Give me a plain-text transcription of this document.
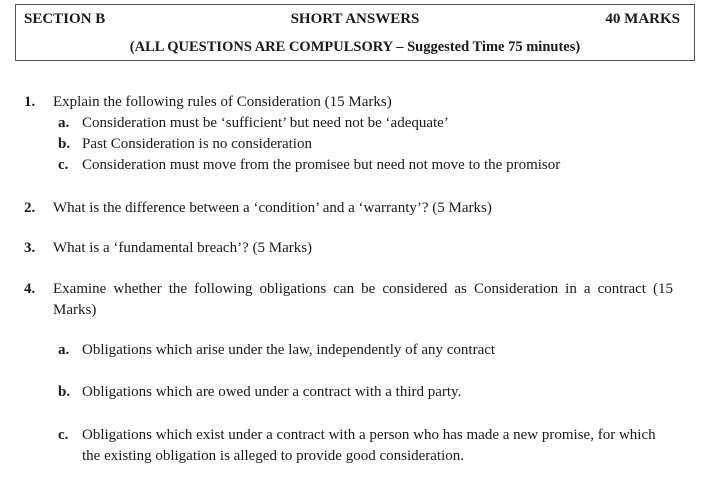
SHORT ANSWERS
SECTION B	40 MARKS
(ALL QUESTIONS ARE COMPULSORY – Suggested Time 75 minutes)
1. Explain the following rules of Consideration (15 Marks)
a. Consideration must be ‘sufficient’ but need not be ‘adequate’
b. Past Consideration is no consideration
c. Consideration must move from the promisee but need not move to the promisor
2. What is the difference between a ‘condition’ and a ‘warranty’? (5 Marks)
3. What is a ‘fundamental breach’? (5 Marks)
4. Examine whether the following obligations can be considered as Consideration in a contract (15 Marks)
a. Obligations which arise under the law, independently of any contract
b. Obligations which are owed under a contract with a third party.
c. Obligations which exist under a contract with a person who has made a new promise, for which the existing obligation is alleged to provide good consideration.
